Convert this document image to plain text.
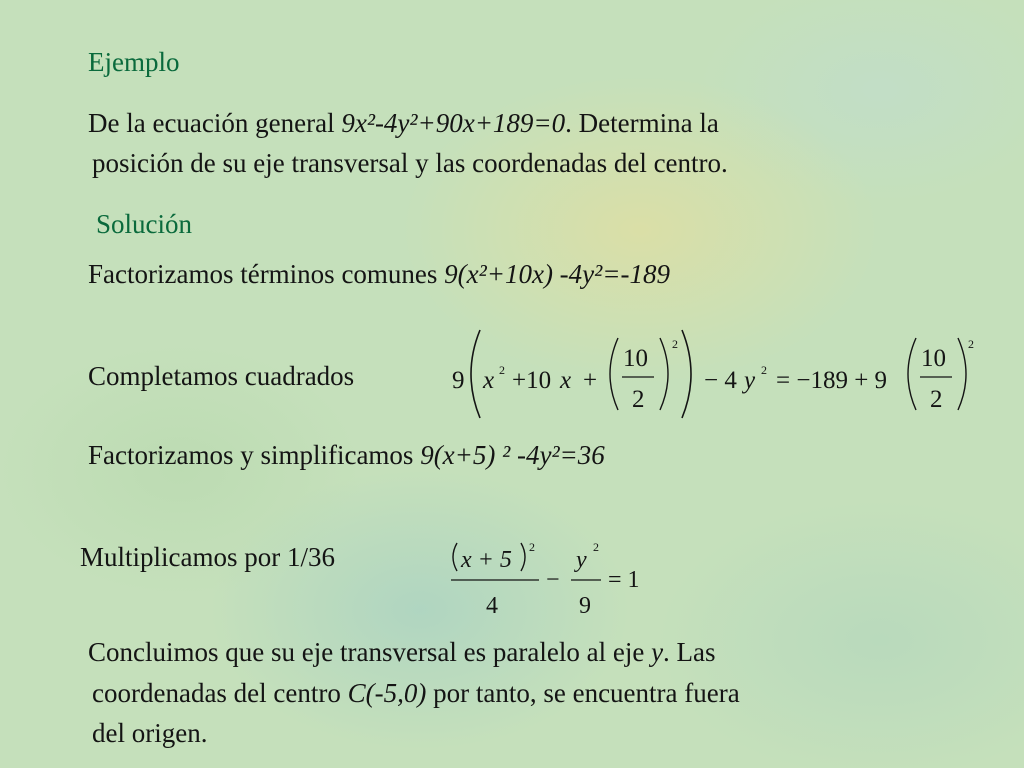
Ejemplo
De la ecuación general 9x²-4y²+90x+189=0. Determina la
posición de su eje transversal y las coordenadas del centro.
Solución
Factorizamos términos comunes 9(x²+10x) -4y²=-189
Completamos cuadrados	9 x 2 +10 x +
10
2
2
− 4 y 2 = −189 + 9
10
2
2
Factorizamos y simplificamos 9(x+5) ² -4y²=36
Multiplicamos por 1/36	x + 5 2
4
−
y 2
9
= 1
Concluimos que su eje transversal es paralelo al eje y. Las
coordenadas del centro C(-5,0) por tanto, se encuentra fuera
del origen.
